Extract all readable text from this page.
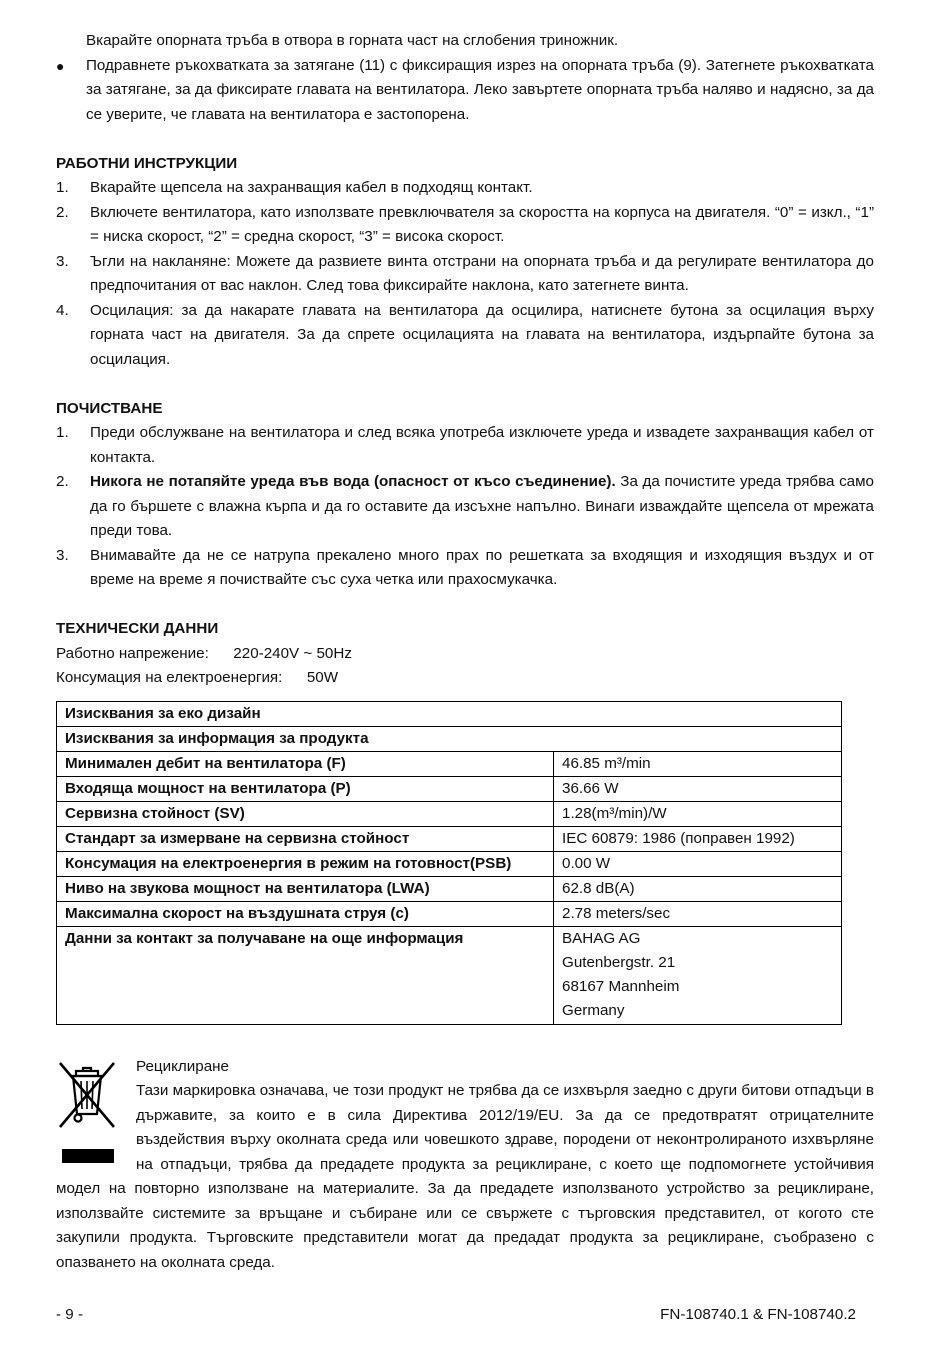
Вкарайте опорната тръба в отвора в горната част на сглобения триножник.

● Подравнете ръкохватката за затягане (11) с фиксиращия изрез на опорната тръба (9). Затегнете ръкохватката за затягане, за да фиксирате главата на вентилатора. Леко завъртете опорната тръба наляво и надясно, за да се уверите, че главата на вентилатора е застопорена.
РАБОТНИ ИНСТРУКЦИИ
1. Вкарайте щепсела на захранващия кабел в подходящ контакт.
2. Включете вентилатора, като използвате превключвателя за скоростта на корпуса на двигателя. “0” = изкл., “1” = ниска скорост, “2” = средна скорост, “3” = висока скорост.
3. Ъгли на накланяне: Можете да развиете винта отстрани на опорната тръба и да регулирате вентилатора до предпочитания от вас наклон. След това фиксирайте наклона, като затегнете винта.
4. Осцилация: за да накарате главата на вентилатора да осцилира, натиснете бутона за осцилация върху горната част на двигателя. За да спрете осцилацията на главата на вентилатора, издърпайте бутона за осцилация.
ПОЧИСТВАНЕ
1. Преди обслужване на вентилатора и след всяка употреба изключете уреда и извадете захранващия кабел от контакта.
2. Никога не потапяйте уреда във вода (опасност от късо съединение). За да почистите уреда трябва само да го бършете с влажна кърпа и да го оставите да изсъхне напълно. Винаги изваждайте щепсела от мрежата преди това.
3. Внимавайте да не се натрупа прекалено много прах по решетката за входящия и изходящия въздух и от време на време я почиствайте със суха четка или прахосмукачка.
ТЕХНИЧЕСКИ ДАННИ

Работно напрежение: 220-240V ~ 50Hz

Консумация на електроенергия: 50W

Изисквания за еко дизайн	
Изисквания за информация за продукта	
Минимален дебит на вентилатора (F)	46.85 m³/min
Входяща мощност на вентилатора (P)	36.66 W
Сервизна стойност (SV)	1.28(m³/min)/W
Стандарт за измерване на сервизна стойност	IEC 60879: 1986 (поправен 1992)
Консумация на електроенергия в режим на готовност(PSB)	0.00 W
Ниво на звукова мощност на вентилатора (LWA)	62.8 dB(A)
Максимална скорост на въздушната струя (c)	2.78 meters/sec
Данни за контакт за получаване на още информация	BAHAG AG
Gutenbergstr. 21
68167 Mannheim
Germany

Рециклиране

Тази маркировка означава, че този продукт не трябва да се изхвърля заедно с други битови отпадъци в държавите, за които е в сила Директива 2012/19/EU. За да се предотвратят отрицателните въздействия върху околната среда или човешкото здраве, породени от неконтролираното изхвърляне на отпадъци, трябва да предадете продукта за рециклиране, с което ще подпомогнете устойчивия модел на повторно използване на материалите. За да предадете използваното устройство за рециклиране, използвайте системите за връщане и събиране или се свържете с търговския представител, от когото сте закупили продукта. Търговските представители могат да предадат продукта за рециклиране, съобразено с опазването на околната среда.

- 9 -	FN-108740.1 & FN-108740.2
